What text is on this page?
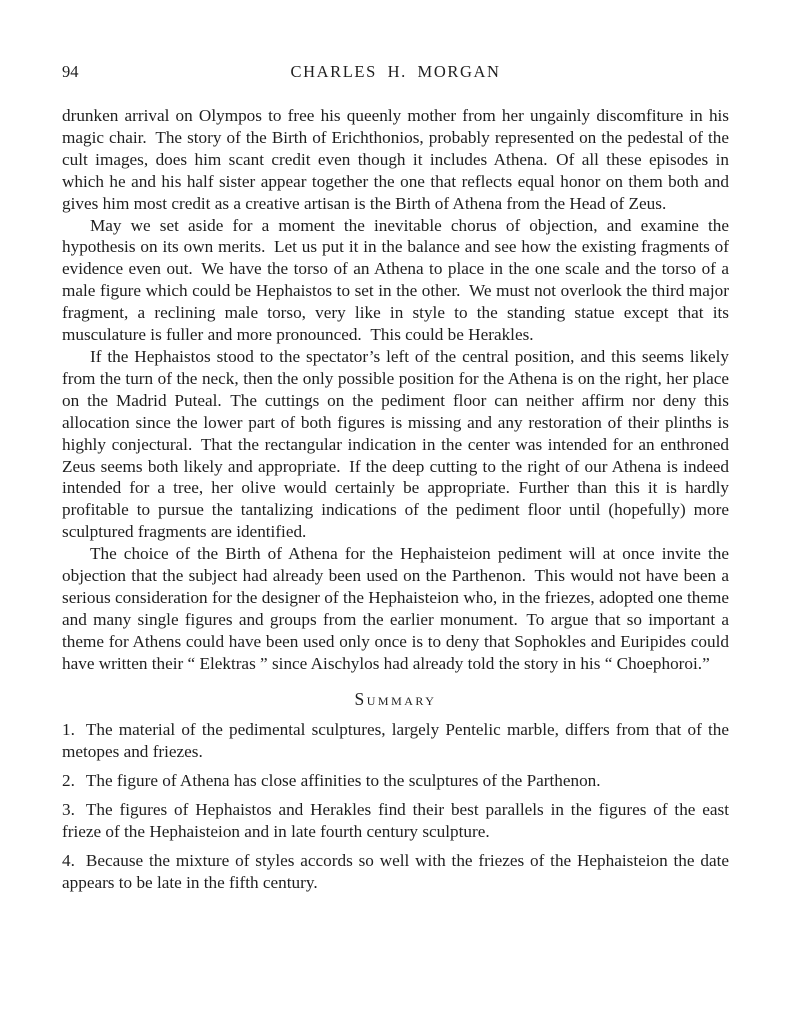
94	CHARLES H. MORGAN

drunken arrival on Olympos to free his queenly mother from her ungainly discomfiture in his magic chair. The story of the Birth of Erichthonios, probably represented on the pedestal of the cult images, does him scant credit even though it includes Athena. Of all these episodes in which he and his half sister appear together the one that reflects equal honor on them both and gives him most credit as a creative artisan is the Birth of Athena from the Head of Zeus.

May we set aside for a moment the inevitable chorus of objection, and examine the hypothesis on its own merits. Let us put it in the balance and see how the existing fragments of evidence even out. We have the torso of an Athena to place in the one scale and the torso of a male figure which could be Hephaistos to set in the other. We must not overlook the third major fragment, a reclining male torso, very like in style to the standing statue except that its musculature is fuller and more pronounced. This could be Herakles.

If the Hephaistos stood to the spectator’s left of the central position, and this seems likely from the turn of the neck, then the only possible position for the Athena is on the right, her place on the Madrid Puteal. The cuttings on the pediment floor can neither affirm nor deny this allocation since the lower part of both figures is missing and any restoration of their plinths is highly conjectural. That the rectangular indication in the center was intended for an enthroned Zeus seems both likely and appropriate. If the deep cutting to the right of our Athena is indeed intended for a tree, her olive would certainly be appropriate. Further than this it is hardly profitable to pursue the tantalizing indications of the pediment floor until (hopefully) more sculptured fragments are identified.

The choice of the Birth of Athena for the Hephaisteion pediment will at once invite the objection that the subject had already been used on the Parthenon. This would not have been a serious consideration for the designer of the Hephaisteion who, in the friezes, adopted one theme and many single figures and groups from the earlier monument. To argue that so important a theme for Athens could have been used only once is to deny that Sophokles and Euripides could have written their “ Elektras ” since Aischylos had already told the story in his “ Choephoroi.”

Summary

1. The material of the pedimental sculptures, largely Pentelic marble, differs from that of the metopes and friezes.

2. The figure of Athena has close affinities to the sculptures of the Parthenon.

3. The figures of Hephaistos and Herakles find their best parallels in the figures of the east frieze of the Hephaisteion and in late fourth century sculpture.

4. Because the mixture of styles accords so well with the friezes of the Hephaisteion the date appears to be late in the fifth century.
